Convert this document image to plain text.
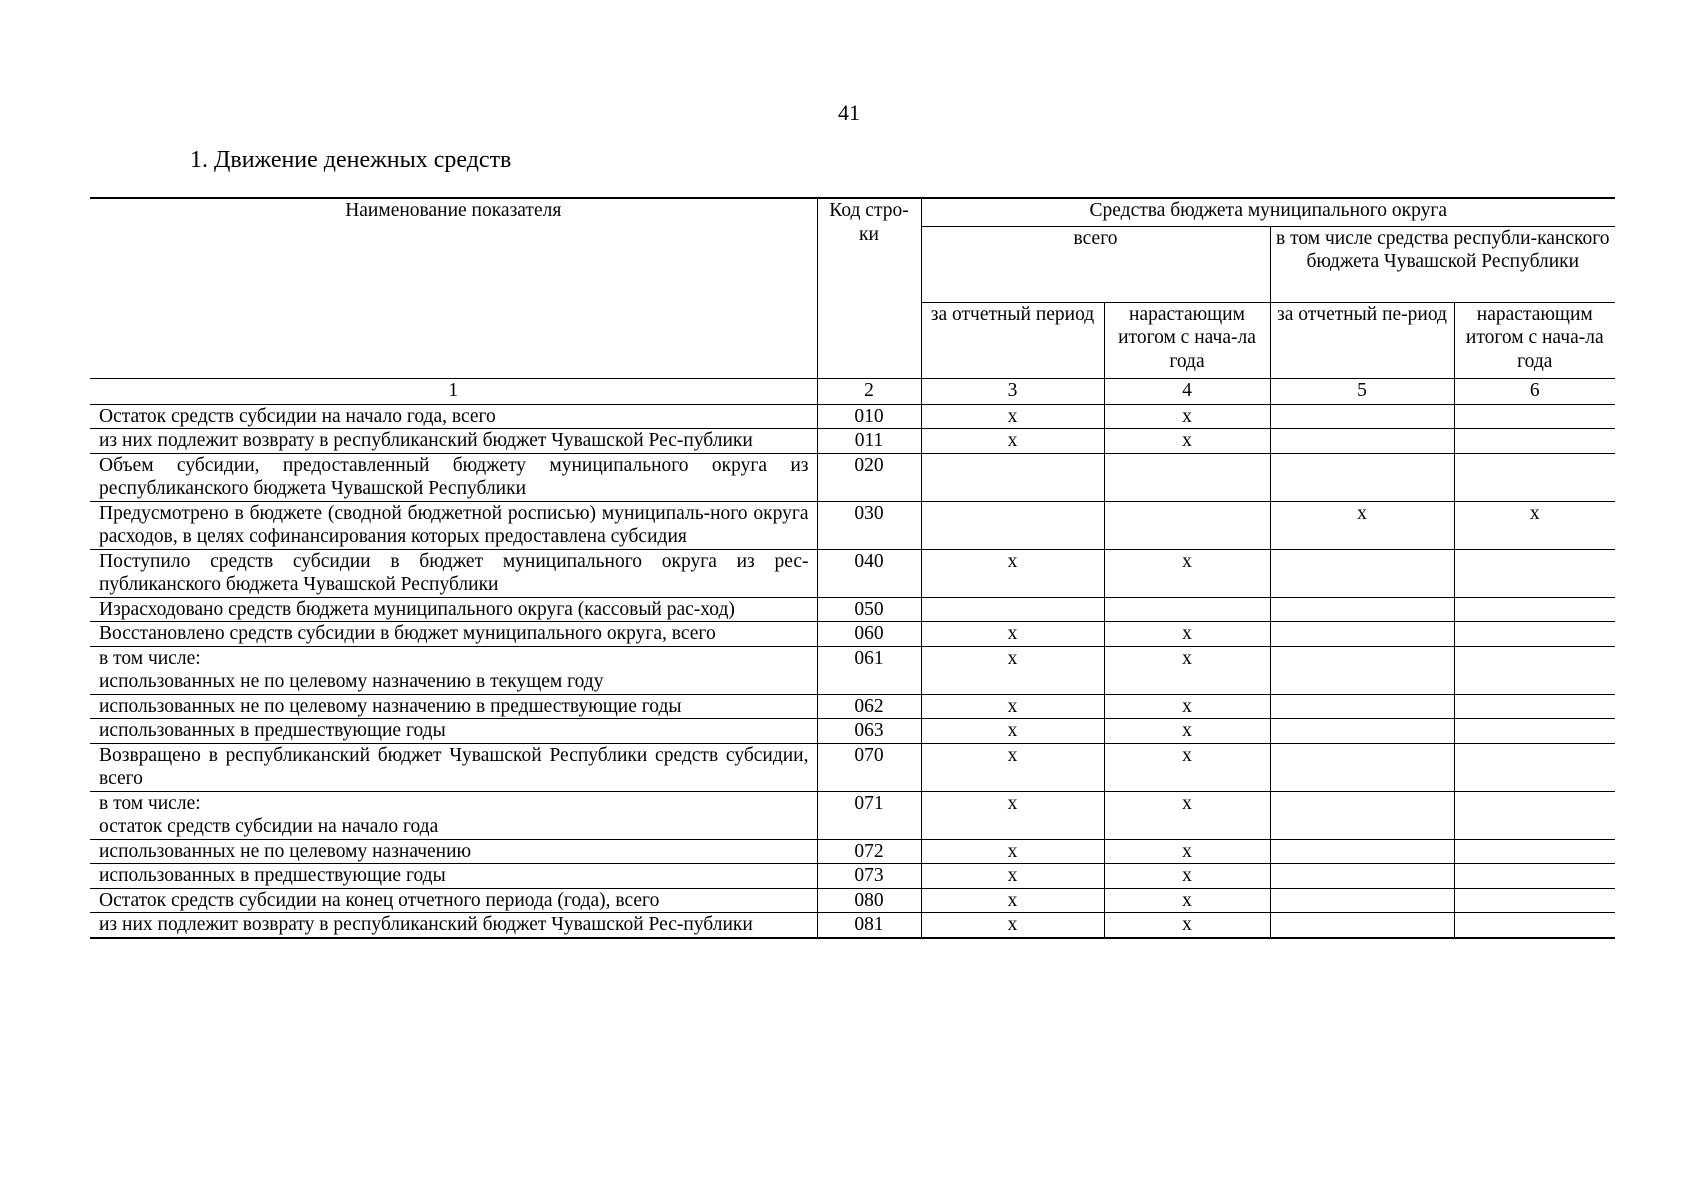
41
1. Движение денежных средств
Наименование показателя	Код стро-ки	Средства бюджета муниципального округа			
		всего		в том числе средства республи-канского бюджета Чувашской Республики	
		за отчетный период	нарастающим итогом с нача-ла года	за отчетный пе-риод	нарастающим итогом с нача-ла года
1	2	3	4	5	6
Остаток средств субсидии на начало года, всего	010	х	х		
из них подлежит возврату в республиканский бюджет Чувашской Рес-публики	011	х	х		
Объем субсидии, предоставленный бюджету муниципального округа из республиканского бюджета Чувашской Республики	020				
Предусмотрено в бюджете (сводной бюджетной росписью) муниципаль-ного округа расходов, в целях софинансирования которых предоставлена субсидия	030			х	х
Поступило средств субсидии в бюджет муниципального округа из рес-публиканского бюджета Чувашской Республики	040	х	х		
Израсходовано средств бюджета муниципального округа (кассовый рас-ход)	050				
Восстановлено средств субсидии в бюджет муниципального округа, всего	060	х	х		
в том числе:
использованных не по целевому назначению в текущем году	061	х	х		
использованных не по целевому назначению в предшествующие годы	062	х	х		
использованных в предшествующие годы	063	х	х		
Возвращено в республиканский бюджет Чувашской Республики средств субсидии, всего	070	х	х		
в том числе:
остаток средств субсидии на начало года	071	х	х		
использованных не по целевому назначению	072	х	х		
использованных в предшествующие годы	073	х	х		
Остаток средств субсидии на конец отчетного периода (года), всего	080	х	х		
из них подлежит возврату в республиканский бюджет Чувашской Рес-публики	081	х	х		
